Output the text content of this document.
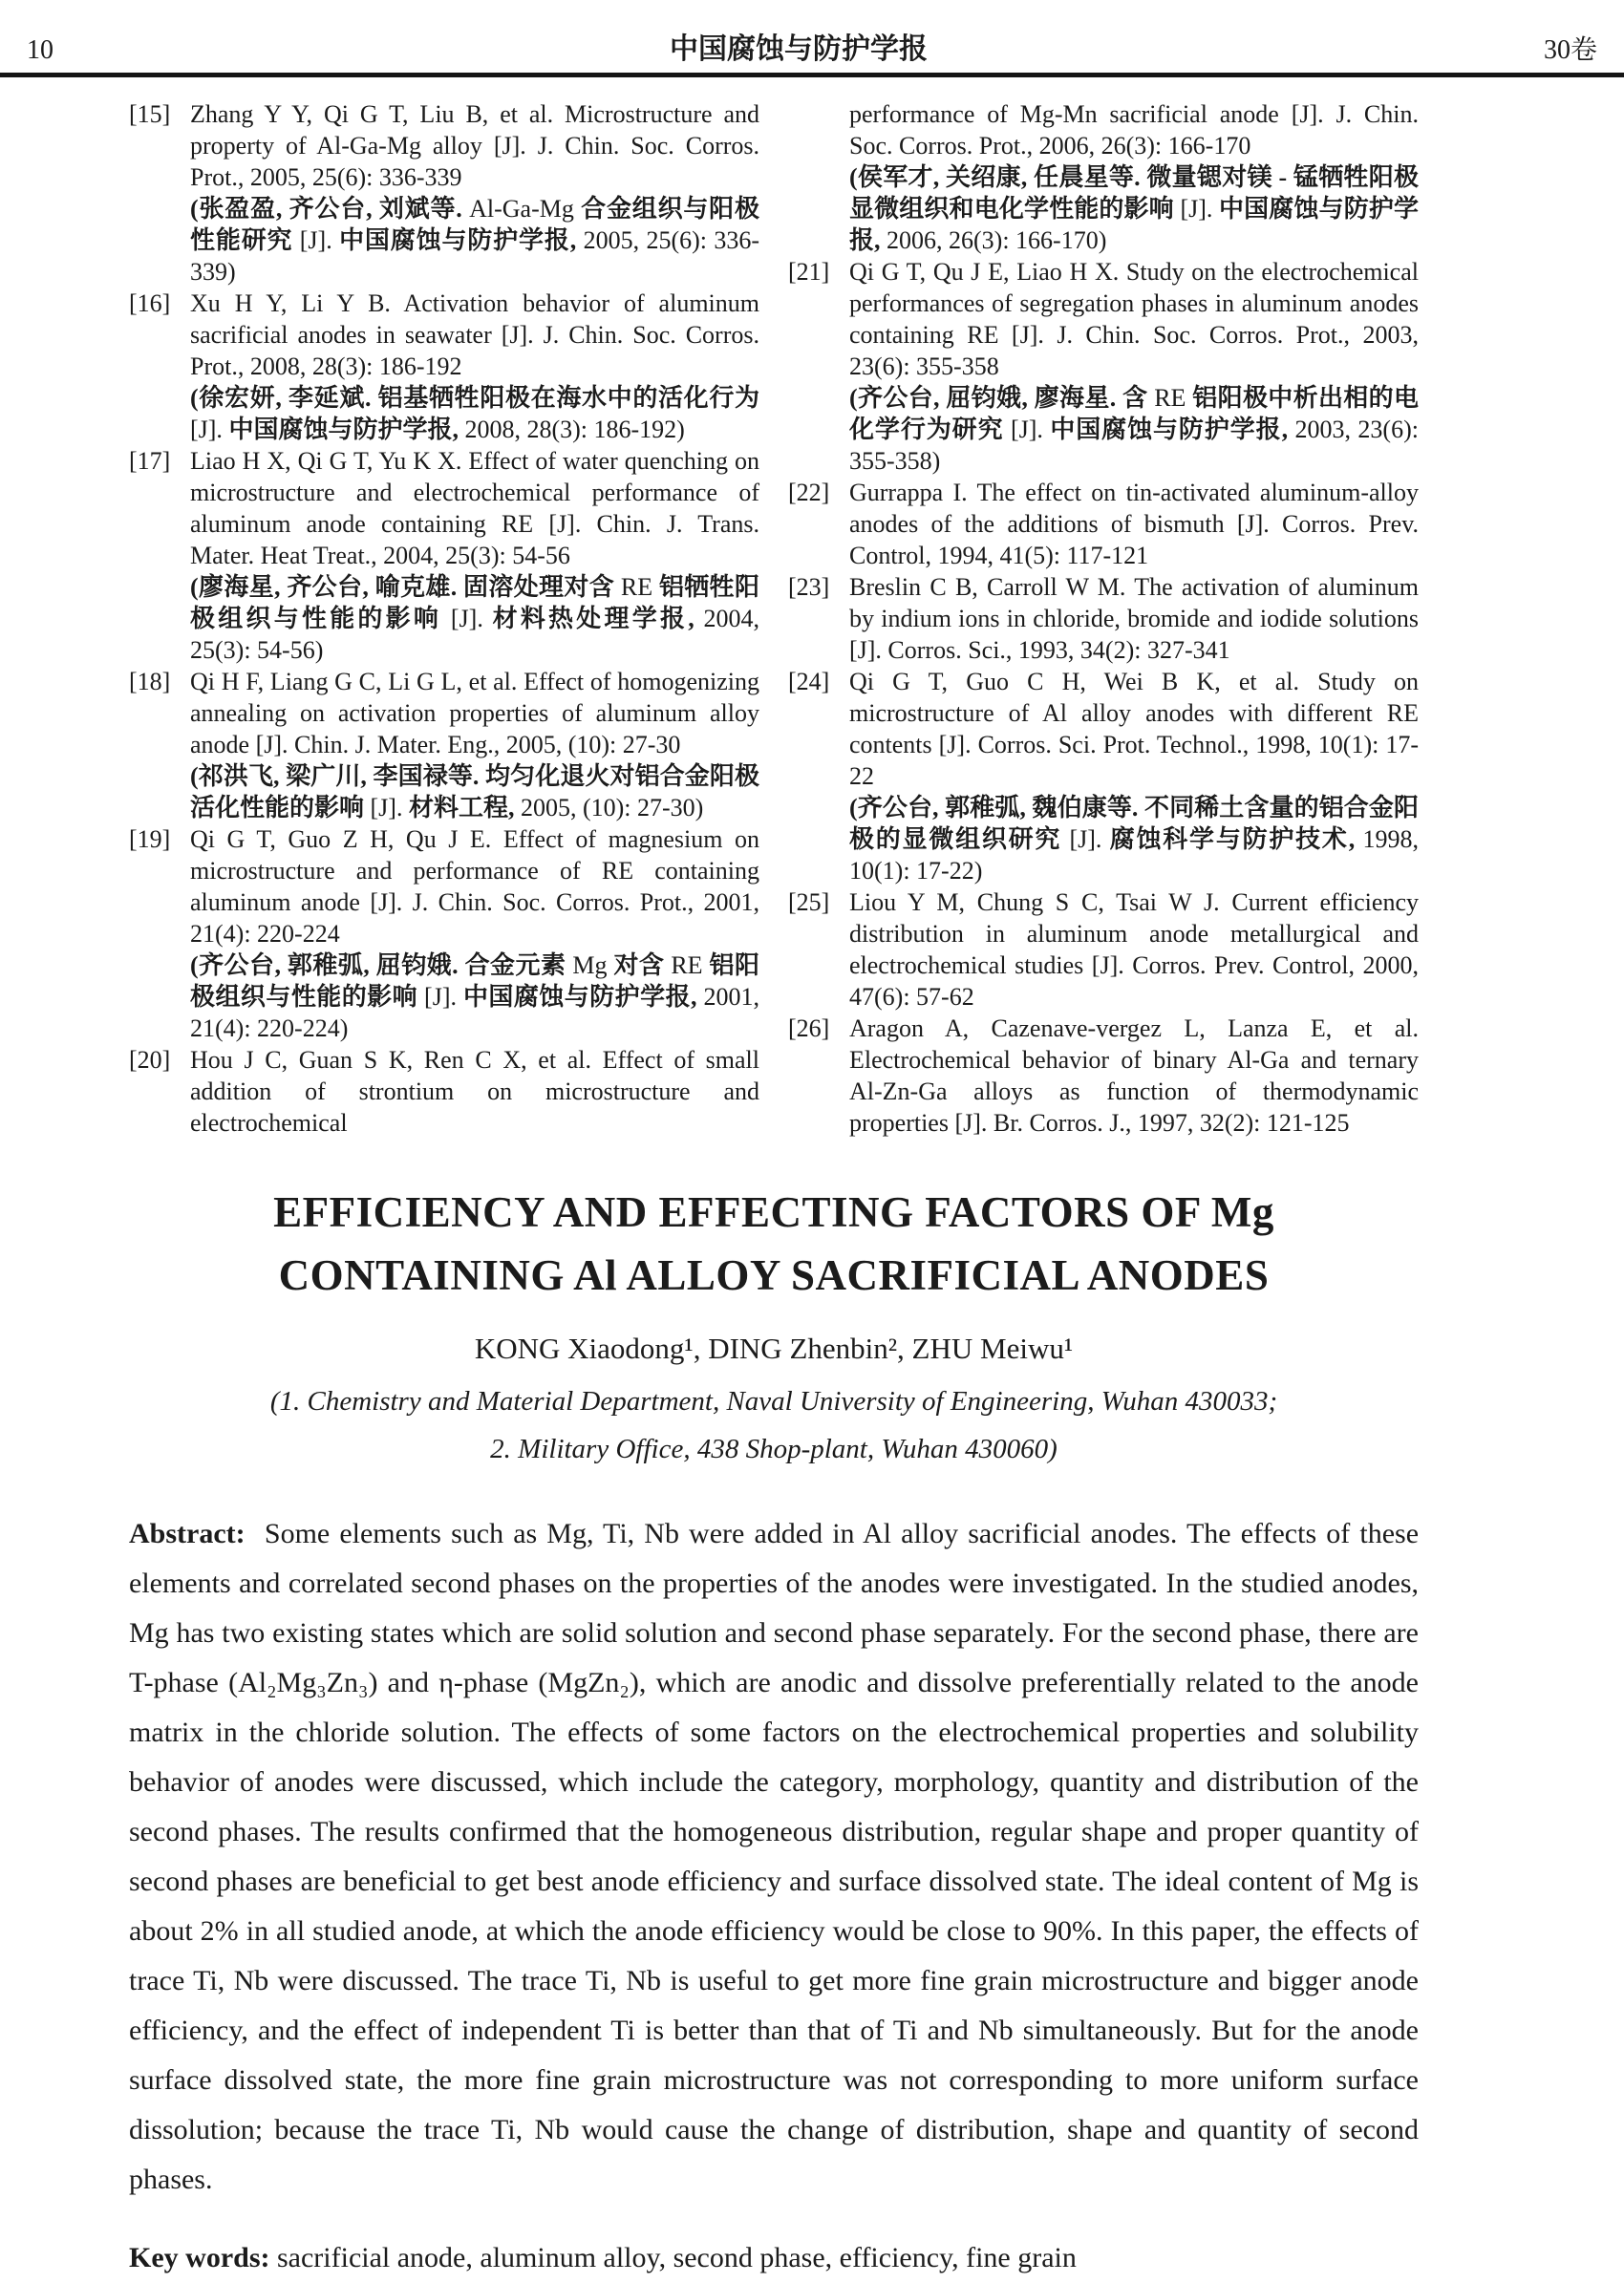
10	中国腐蚀与防护学报	30卷
[15] Zhang Y Y, Qi G T, Liu B, et al. Microstructure and property of Al-Ga-Mg alloy [J]. J. Chin. Soc. Corros. Prot., 2005, 25(6): 336-339
(张盈盈, 齐公台, 刘斌等. Al-Ga-Mg 合金组织与阳极性能研究 [J]. 中国腐蚀与防护学报, 2005, 25(6): 336-339)
[16] Xu H Y, Li Y B. Activation behavior of aluminum sacrificial anodes in seawater [J]. J. Chin. Soc. Corros. Prot., 2008, 28(3): 186-192
(徐宏妍, 李延斌. 铝基牺牲阳极在海水中的活化行为 [J]. 中国腐蚀与防护学报, 2008, 28(3): 186-192)
[17] Liao H X, Qi G T, Yu K X. Effect of water quenching on microstructure and electrochemical performance of aluminum anode containing RE [J]. Chin. J. Trans. Mater. Heat Treat., 2004, 25(3): 54-56
(廖海星, 齐公台, 喻克雄. 固溶处理对含 RE 铝牺牲阳极组织与性能的影响 [J]. 材料热处理学报, 2004, 25(3): 54-56)
[18] Qi H F, Liang G C, Li G L, et al. Effect of homogenizing annealing on activation properties of aluminum alloy anode [J]. Chin. J. Mater. Eng., 2005, (10): 27-30
(祁洪飞, 梁广川, 李国禄等. 均匀化退火对铝合金阳极活化性能的影响 [J]. 材料工程, 2005, (10): 27-30)
[19] Qi G T, Guo Z H, Qu J E. Effect of magnesium on microstructure and performance of RE containing aluminum anode [J]. J. Chin. Soc. Corros. Prot., 2001, 21(4): 220-224
(齐公台, 郭稚弧, 屈钧娥. 合金元素 Mg 对含 RE 铝阳极组织与性能的影响 [J]. 中国腐蚀与防护学报, 2001, 21(4): 220-224)
[20] Hou J C, Guan S K, Ren C X, et al. Effect of small addition of strontium on microstructure and electrochemical
performance of Mg-Mn sacrificial anode [J]. J. Chin. Soc. Corros. Prot., 2006, 26(3): 166-170
(侯军才, 关绍康, 任晨星等. 微量锶对镁 - 锰牺牲阳极显微组织和电化学性能的影响 [J]. 中国腐蚀与防护学报, 2006, 26(3): 166-170)
[21] Qi G T, Qu J E, Liao H X. Study on the electrochemical performances of segregation phases in aluminum anodes containing RE [J]. J. Chin. Soc. Corros. Prot., 2003, 23(6): 355-358
(齐公台, 屈钧娥, 廖海星. 含 RE 铝阳极中析出相的电化学行为研究 [J]. 中国腐蚀与防护学报, 2003, 23(6): 355-358)
[22] Gurrappa I. The effect on tin-activated aluminum-alloy anodes of the additions of bismuth [J]. Corros. Prev. Control, 1994, 41(5): 117-121
[23] Breslin C B, Carroll W M. The activation of aluminum by indium ions in chloride, bromide and iodide solutions [J]. Corros. Sci., 1993, 34(2): 327-341
[24] Qi G T, Guo C H, Wei B K, et al. Study on microstructure of Al alloy anodes with different RE contents [J]. Corros. Sci. Prot. Technol., 1998, 10(1): 17-22
(齐公台, 郭稚弧, 魏伯康等. 不同稀土含量的铝合金阳极的显微组织研究 [J]. 腐蚀科学与防护技术, 1998, 10(1): 17-22)
[25] Liou Y M, Chung S C, Tsai W J. Current efficiency distribution in aluminum anode metallurgical and electrochemical studies [J]. Corros. Prev. Control, 2000, 47(6): 57-62
[26] Aragon A, Cazenave-vergez L, Lanza E, et al. Electrochemical behavior of binary Al-Ga and ternary Al-Zn-Ga alloys as function of thermodynamic properties [J]. Br. Corros. J., 1997, 32(2): 121-125
EFFICIENCY AND EFFECTING FACTORS OF Mg
CONTAINING Al ALLOY SACRIFICIAL ANODES
KONG Xiaodong¹, DING Zhenbin², ZHU Meiwu¹
(1. Chemistry and Material Department, Naval University of Engineering, Wuhan 430033;
2. Military Office, 438 Shop-plant, Wuhan 430060)

Abstract: Some elements such as Mg, Ti, Nb were added in Al alloy sacrificial anodes. The effects of these elements and correlated second phases on the properties of the anodes were investigated. In the studied anodes, Mg has two existing states which are solid solution and second phase separately. For the second phase, there are T-phase (Al₂Mg₃Zn₃) and η-phase (MgZn₂), which are anodic and dissolve preferentially related to the anode matrix in the chloride solution. The effects of some factors on the electrochemical properties and solubility behavior of anodes were discussed, which include the category, morphology, quantity and distribution of the second phases. The results confirmed that the homogeneous distribution, regular shape and proper quantity of second phases are beneficial to get best anode efficiency and surface dissolved state. The ideal content of Mg is about 2% in all studied anode, at which the anode efficiency would be close to 90%. In this paper, the effects of trace Ti, Nb were discussed. The trace Ti, Nb is useful to get more fine grain microstructure and bigger anode efficiency, and the effect of independent Ti is better than that of Ti and Nb simultaneously. But for the anode surface dissolved state, the more fine grain microstructure was not corresponding to more uniform surface dissolution; because the trace Ti, Nb would cause the change of distribution, shape and quantity of second phases.

Key words: sacrificial anode, aluminum alloy, second phase, efficiency, fine grain
